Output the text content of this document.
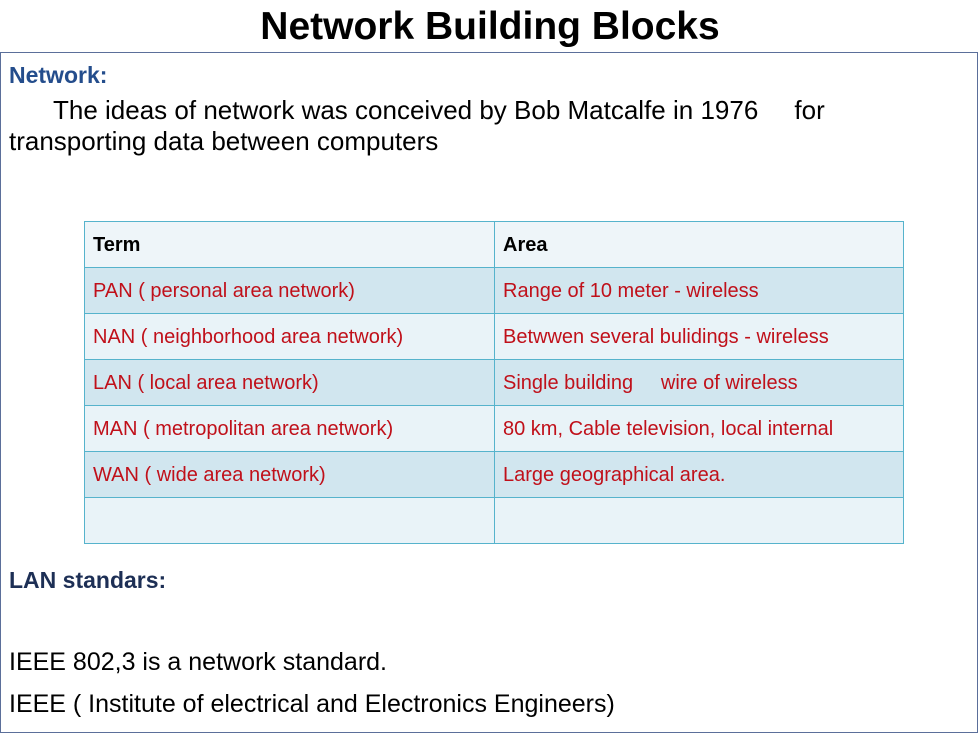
Network Building Blocks
Network:
The ideas of network was conceived by Bob Matcalfe in 1976     for
transporting data between computers
Term	Area
PAN ( personal area network)	Range of 10 meter - wireless
NAN ( neighborhood area network)	Betwwen several bulidings - wireless

LAN ( local area network)	Single building     wire of wireless
MAN ( metropolitan area network)	80 km, Cable television, local internal

WAN ( wide area network)	Large geographical area.

LAN standars:
IEEE 802,3 is a network standard.
IEEE ( Institute of electrical and Electronics Engineers)
